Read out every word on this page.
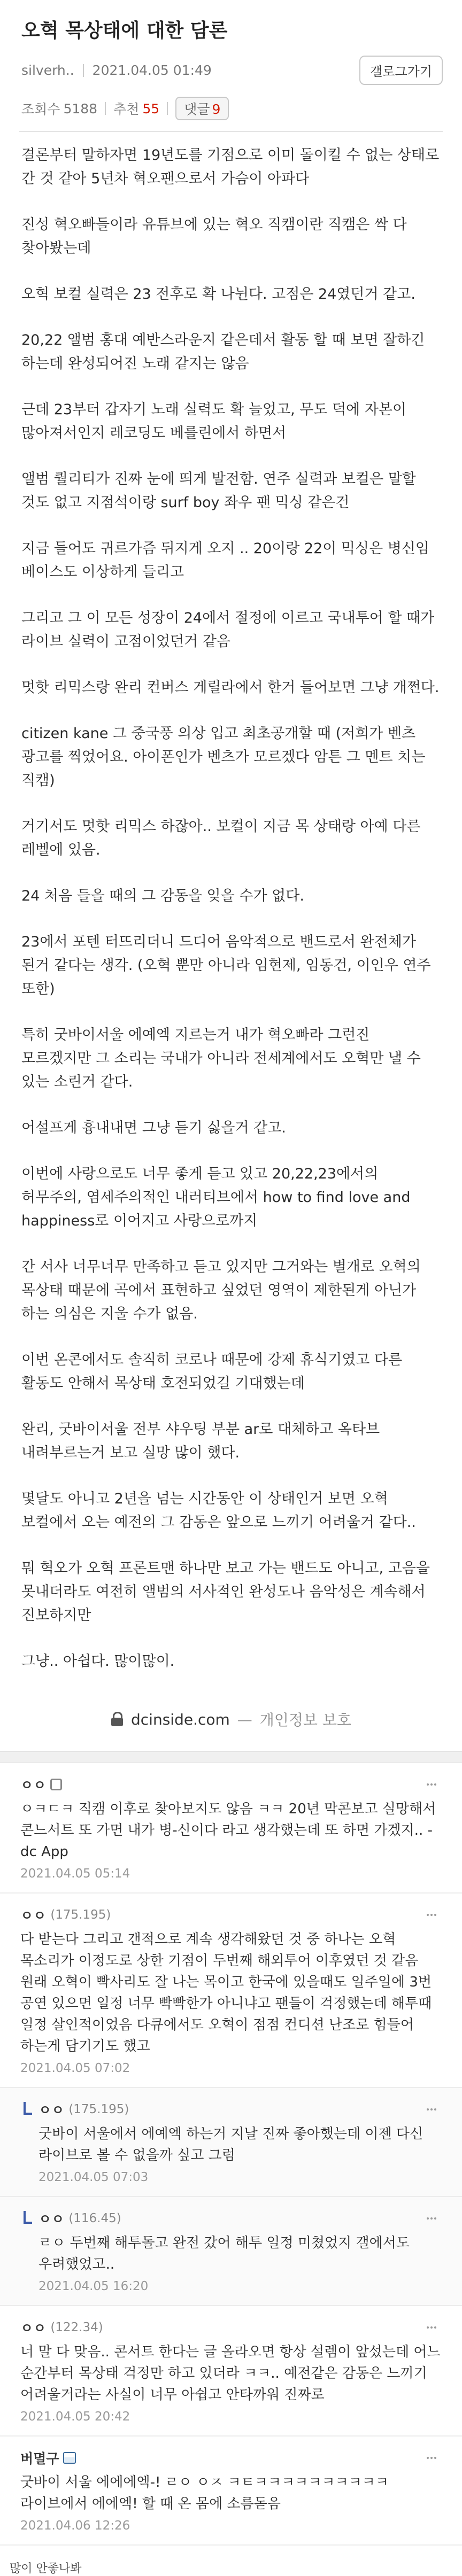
오혁 목상태에 대한 담론
silverh.. 2021.04.05 01:49	갤로그가기
조회수 5188 추천 55	댓글 9

결론부터 말하자면 19년도를 기점으로 이미 돌이킬 수 없는 상태로 간 것 같아 5년차 혁오팬으로서 가슴이 아파다

진성 혁오빠들이라 유튜브에 있는 혁오 직캠이란 직캠은 싹 다 찾아봤는데

오혁 보컬 실력은 23 전후로 확 나뉜다. 고점은 24였던거 같고.

20,22 앨범 홍대 예반스라운지 같은데서 활동 할 때 보면 잘하긴 하는데 완성되어진 노래 같지는 않음

근데 23부터 갑자기 노래 실력도 확 늘었고, 무도 덕에 자본이 많아져서인지 레코딩도 베를린에서 하면서

앨범 퀄리티가 진짜 눈에 띄게 발전함. 연주 실력과 보컬은 말할 것도 없고 지점석이랑 surf boy 좌우 팬 믹싱 같은건

지금 들어도 귀르가즘 뒤지게 오지 .. 20이랑 22이 믹싱은 병신임 베이스도 이상하게 들리고

그리고 그 이 모든 성장이 24에서 절정에 이르고 국내투어 할 때가 라이브 실력이 고점이었던거 같음

멋핫 리믹스랑 완리 컨버스 게릴라에서 한거 들어보면 그냥 개쩐다.

citizen kane 그 중국풍 의상 입고 최초공개할 때 (저희가 벤츠 광고를 찍었어요. 아이폰인가 벤츠가 모르겠다 암튼 그 멘트 치는 직캠)

거기서도 멋핫 리믹스 하잖아.. 보컬이 지금 목 상태랑 아예 다른 레벨에 있음.

24 처음 들을 때의 그 감동을 잊을 수가 없다.

23에서 포텐 터뜨리더니 드디어 음악적으로 밴드로서 완전체가 된거 같다는 생각. (오혁 뿐만 아니라 임현제, 임동건, 이인우 연주 또한)

특히 굿바이서울 에예엑 지르는거 내가 혁오빠라 그런진 모르겠지만 그 소리는 국내가 아니라 전세계에서도 오혁만 낼 수 있는 소린거 같다.

어설프게 흉내내면 그냥 듣기 싫을거 같고.

이번에 사랑으로도 너무 좋게 듣고 있고 20,22,23에서의 허무주의, 염세주의적인 내러티브에서 how to find love and happiness로 이어지고 사랑으로까지

간 서사 너무너무 만족하고 듣고 있지만 그거와는 별개로 오혁의 목상태 때문에 곡에서 표현하고 싶었던 영역이 제한된게 아닌가 하는 의심은 지울 수가 없음.

이번 온콘에서도 솔직히 코로나 때문에 강제 휴식기였고 다른 활동도 안해서 목상태 호전되었길 기대했는데

완리, 굿바이서울 전부 샤우팅 부분 ar로 대체하고 옥타브 내려부르는거 보고 실망 많이 했다.

몇달도 아니고 2년을 넘는 시간동안 이 상태인거 보면 오혁 보컬에서 오는 예전의 그 감동은 앞으로 느끼기 어려울거 같다..

뭐 혁오가 오혁 프론트맨 하나만 보고 가는 밴드도 아니고, 고음을 못내더라도 여전히 앨범의 서사적인 완성도나 음악성은 계속해서 진보하지만

그냥.. 아쉽다. 많이많이.

dcinside.com — 개인정보 보호
ㅇㅇ
ㅇㅋㄷㅋ 직캠 이후로 찾아보지도 않음 ㅋㅋ 20년 막콘보고 실망해서 콘느서트 또 가면 내가 병-신이다 라고 생각했는데 또 하면 가겠지.. - dc App
2021.04.05 05:14
ㅇㅇ (175.195)
다 받는다 그리고 갠적으로 계속 생각해왔던 것 중 하나는 오혁 목소리가 이정도로 상한 기점이 두번째 해외투어 이후였던 것 같음 원래 오혁이 빡사리도 잘 나는 목이고 한국에 있을때도 일주일에 3번 공연 있으면 일정 너무 빡빡한가 아니냐고 팬들이 걱정했는데 해투때 일정 살인적이었음 다큐에서도 오혁이 점점 컨디션 난조로 힘들어 하는게 담기기도 했고
2021.04.05 07:02
ㅇㅇ (175.195)
굿바이 서울에서 에예엑 하는거 지날 진짜 좋아했는데 이젠 다신 라이브로 볼 수 없을까 싶고 그럼
2021.04.05 07:03
ㅇㅇ (116.45)
ㄹㅇ 두번째 해투돌고 완전 갔어 해투 일정 미쳤었지 갤에서도 우려했었고..
2021.04.05 16:20
ㅇㅇ (122.34)
너 말 다 맞음.. 콘서트 한다는 글 올라오면 항상 설렘이 앞섰는데 어느 순간부터 목상태 걱정만 하고 있더라 ㅋㅋ.. 예전같은 감동은 느끼기 어려울거라는 사실이 너무 아쉽고 안타까워 진짜로
2021.04.05 20:42
버멸구
굿바이 서울 에에에엑-! ㄹㅇ ㅇㅈ ㅋㅌㅋㅋㅋㅋㅋㅋㅋㅋㅋㅋ 라이브에서 에에엑! 할 때 온 몸에 소름돋음
2021.04.06 12:26
많이 안좋나봐
